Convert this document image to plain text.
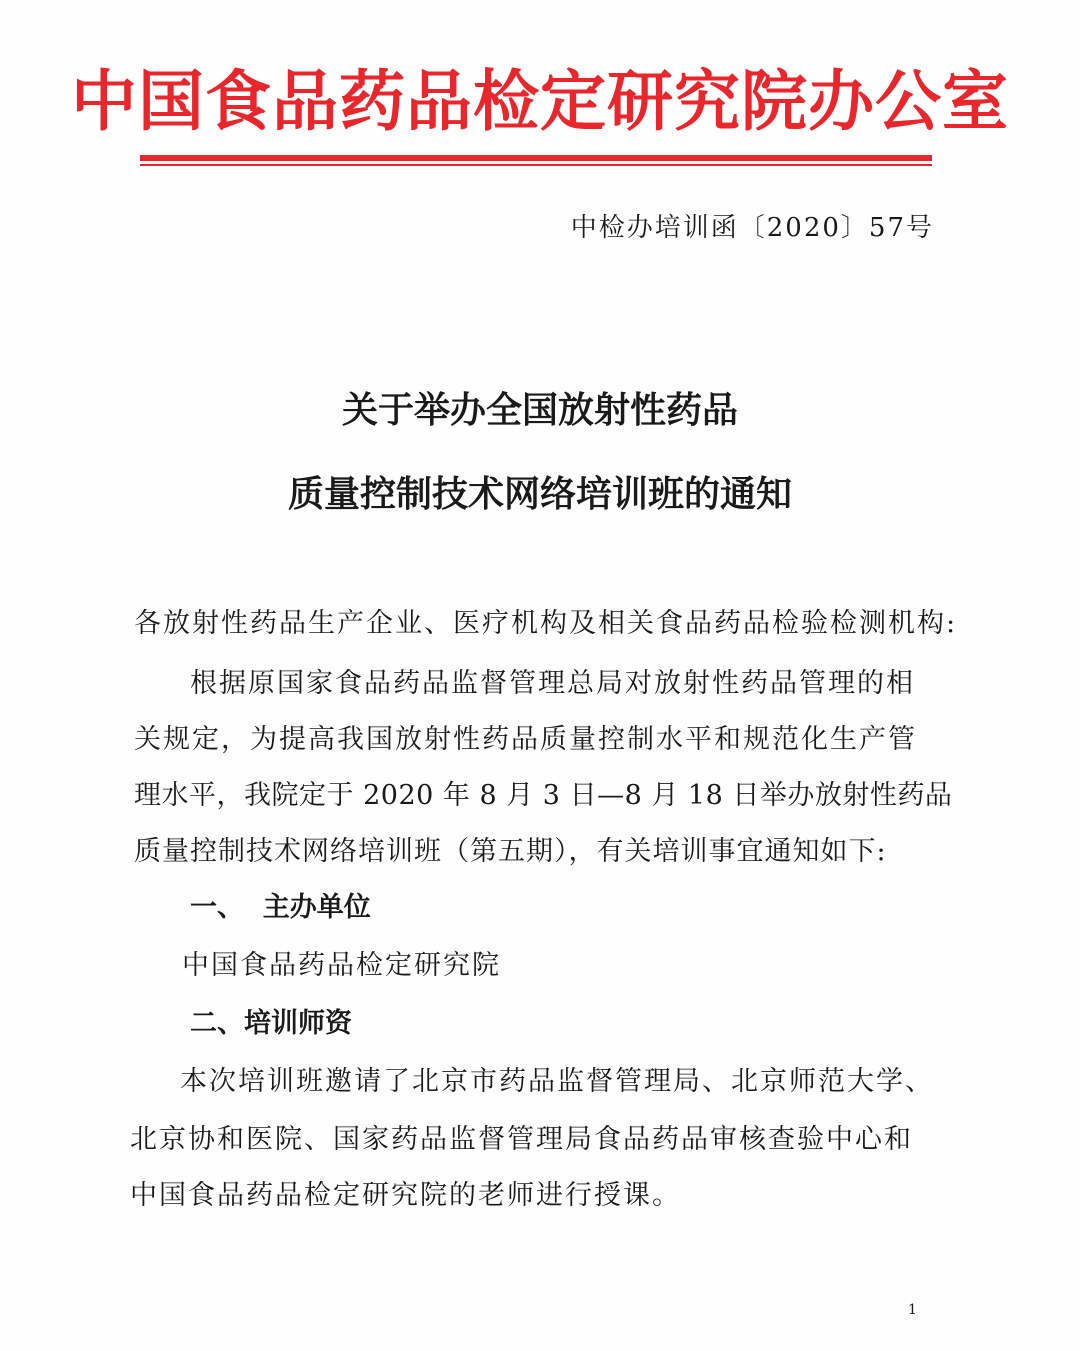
中国食品药品检定研究院办公室
中检办培训函〔2020〕57号
关于举办全国放射性药品
质量控制技术网络培训班的通知
各放射性药品生产企业、医疗机构及相关食品药品检验检测机构:
根据原国家食品药品监督管理总局对放射性药品管理的相
关规定，为提高我国放射性药品质量控制水平和规范化生产管
理水平，我院定于 2020 年 8 月 3 日—8 月 18 日举办放射性药品
质量控制技术网络培训班（第五期），有关培训事宜通知如下:
一、  主办单位
中国食品药品检定研究院
二、培训师资
本次培训班邀请了北京市药品监督管理局、北京师范大学、
北京协和医院、国家药品监督管理局食品药品审核查验中心和
中国食品药品检定研究院的老师进行授课。
1
